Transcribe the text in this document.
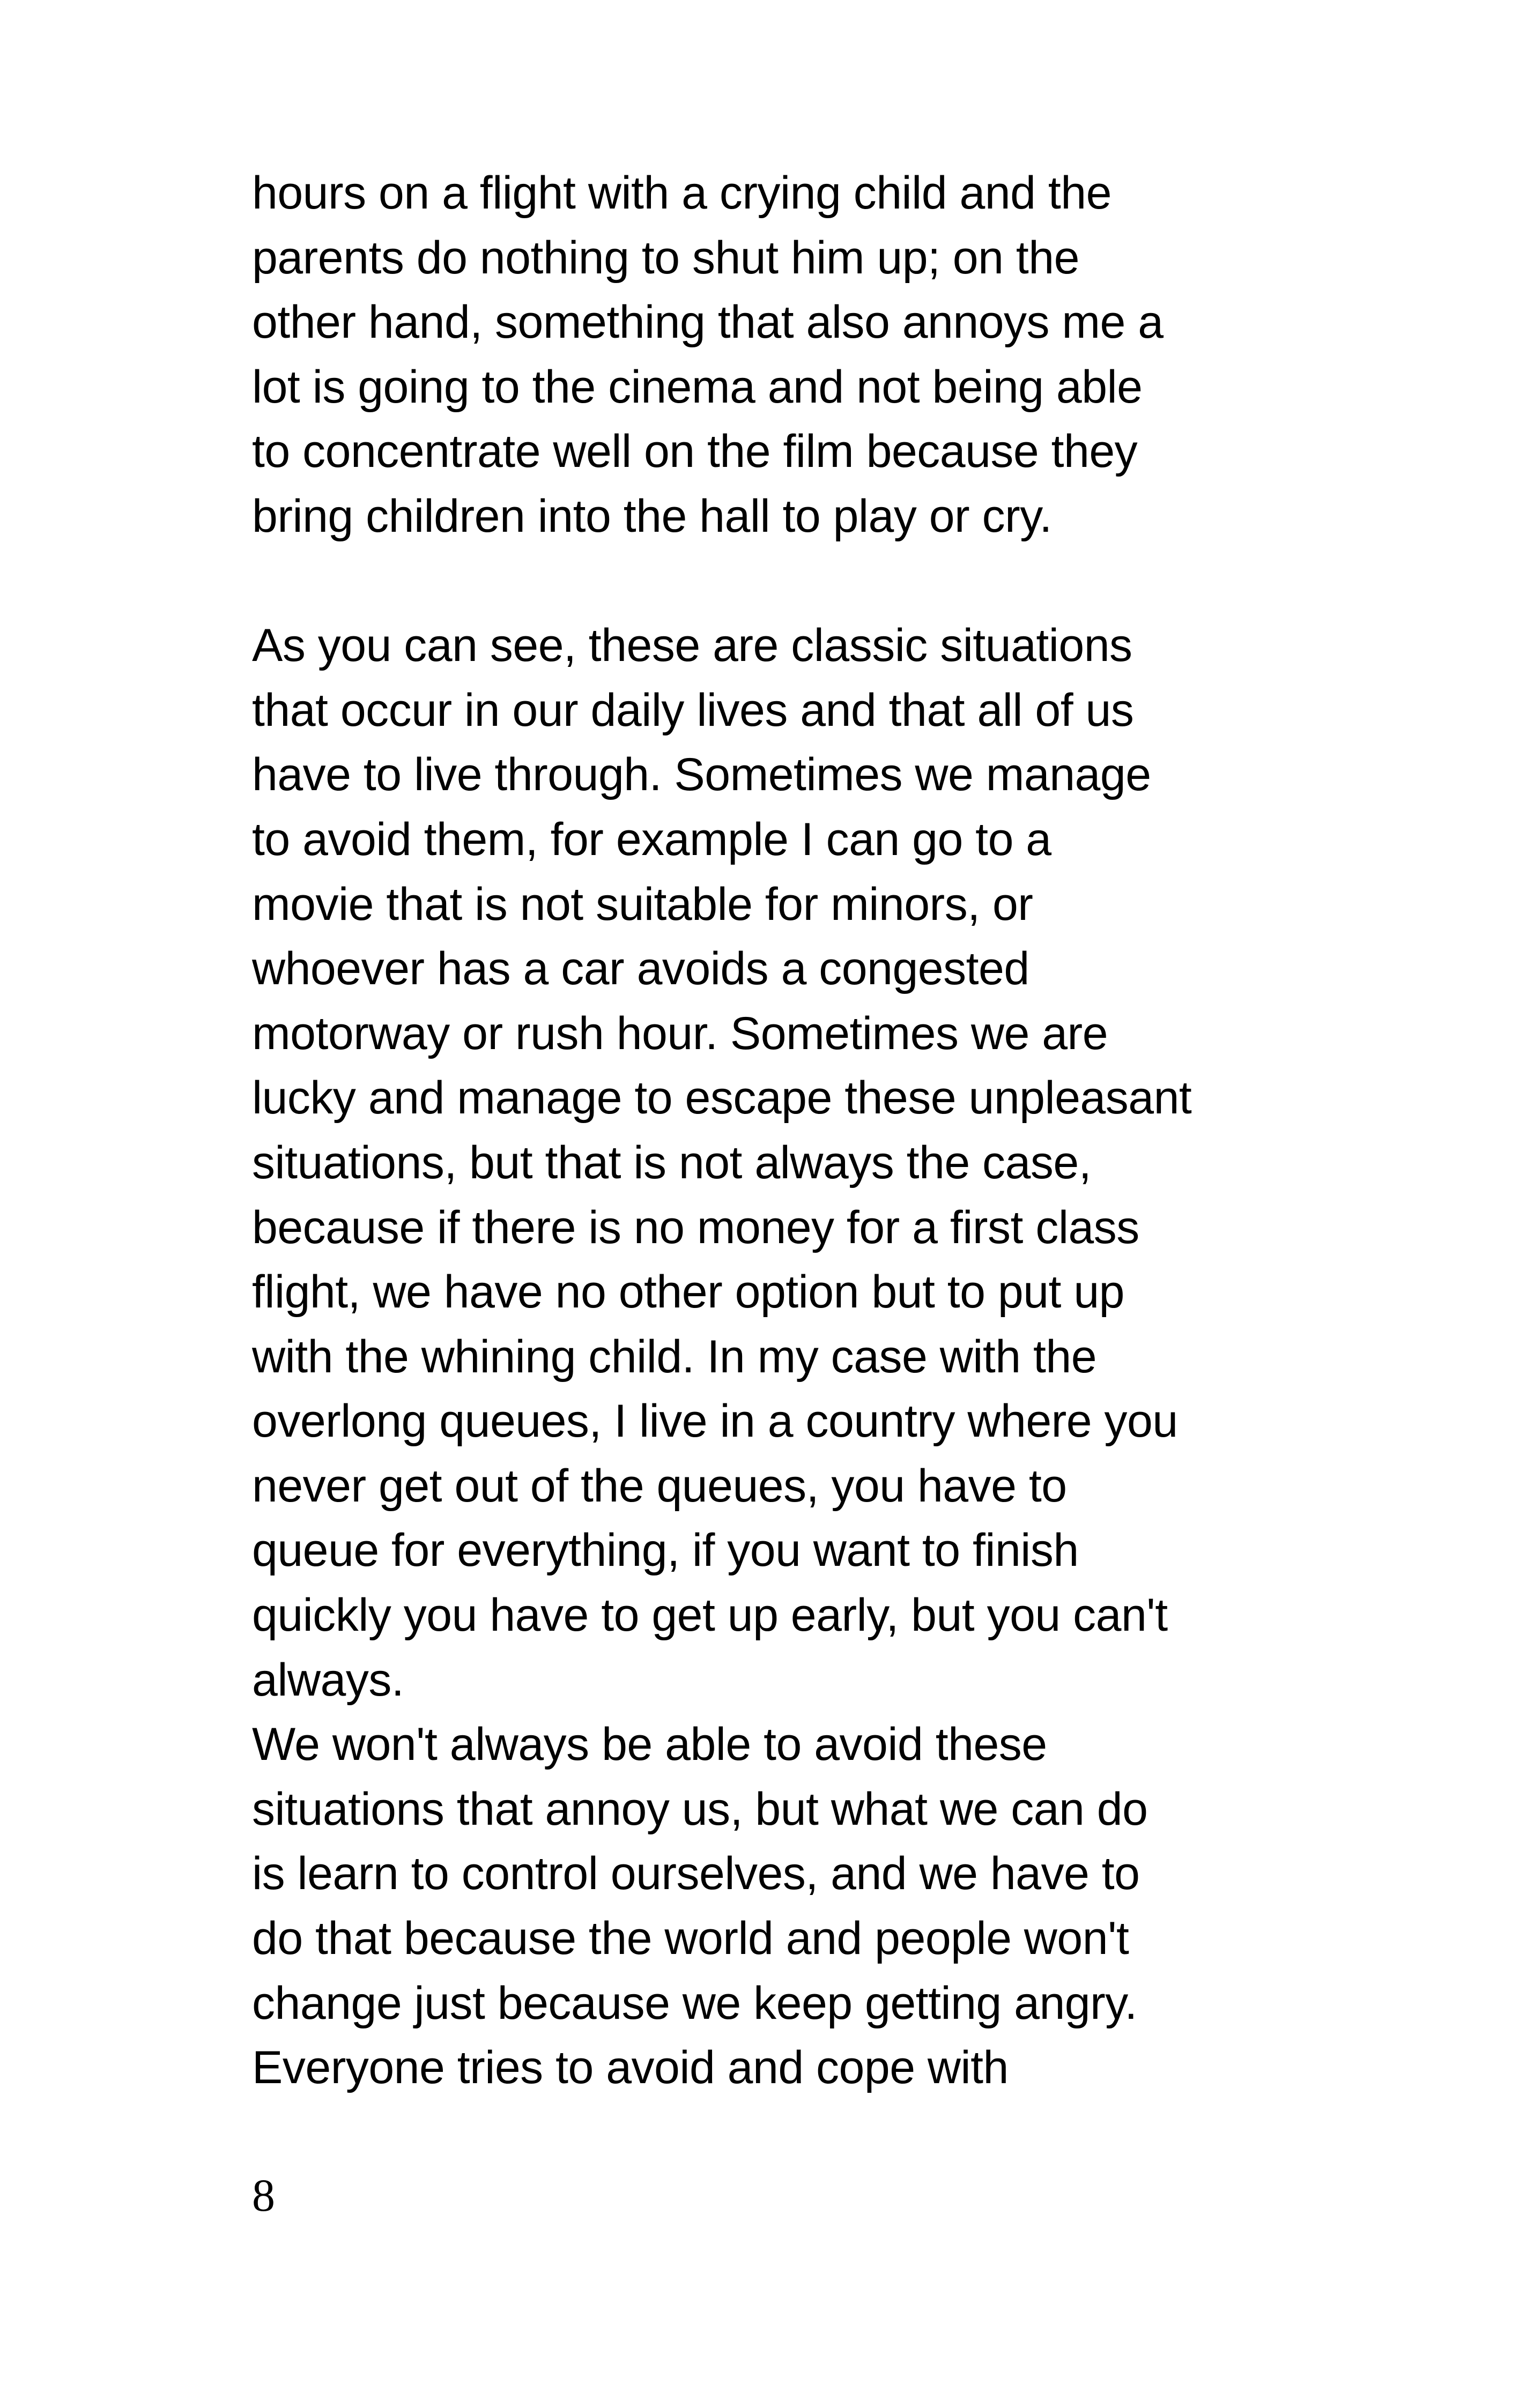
hours on a flight with a crying child and the
parents do nothing to shut him up; on the
other hand, something that also annoys me a
lot is going to the cinema and not being able
to concentrate well on the film because they
bring children into the hall to play or cry.

As you can see, these are classic situations
that occur in our daily lives and that all of us
have to live through. Sometimes we manage
to avoid them, for example I can go to a
movie that is not suitable for minors, or
whoever has a car avoids a congested
motorway or rush hour. Sometimes we are
lucky and manage to escape these unpleasant
situations, but that is not always the case,
because if there is no money for a first class
flight, we have no other option but to put up
with the whining child. In my case with the
overlong queues, I live in a country where you
never get out of the queues, you have to
queue for everything, if you want to finish
quickly you have to get up early, but you can't
always.

We won't always be able to avoid these
situations that annoy us, but what we can do
is learn to control ourselves, and we have to
do that because the world and people won't
change just because we keep getting angry.
Everyone tries to avoid and cope with

8
